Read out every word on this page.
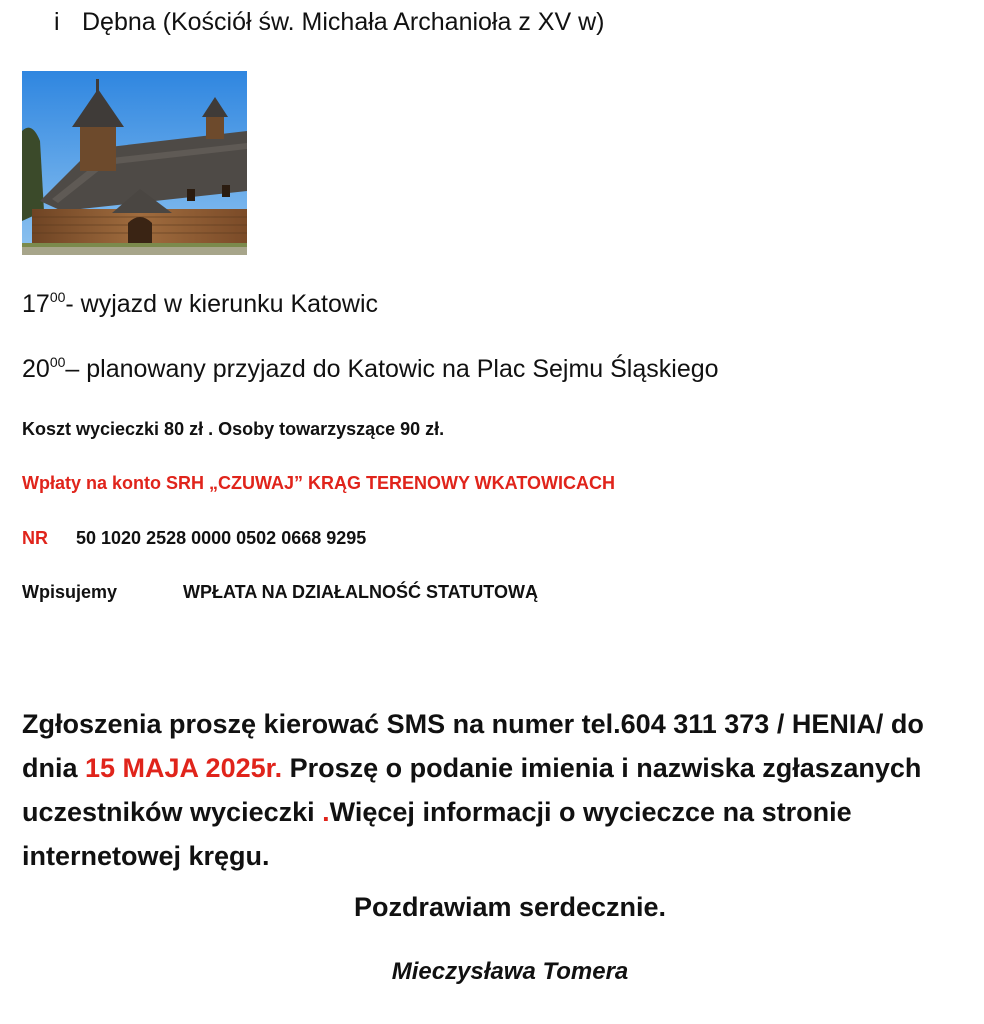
i Dębna (Kościół św. Michała Archanioła z XV w)
$17^{00}-$ wyjazd w kierunku Katowic
$20^{00}-$ planowany przyjazd do Katowic na Plac Sejmu Śląskiego
Koszt wycieczki 80 zł . Osoby towarzyszące 90 zł.
Wpłaty na konto SRH „CZUWAJ” KRĄG TERENOWY WKATOWICACH
NR 50 1020 2528 0000 0502 0668 9295
Wpisujemy	WPŁATA NA DZIAŁALNOŚĆ STATUTOWĄ
Zgłoszenia proszę kierować SMS na numer tel.604 311 373 / HENIA/ do dnia 15 MAJA 2025r. Proszę o podanie imienia i nazwiska zgłaszanych uczestników wycieczki .Więcej informacji o wycieczce na stronie internetowej kręgu.
Pozdrawiam serdecznie.
Mieczysława Tomera
